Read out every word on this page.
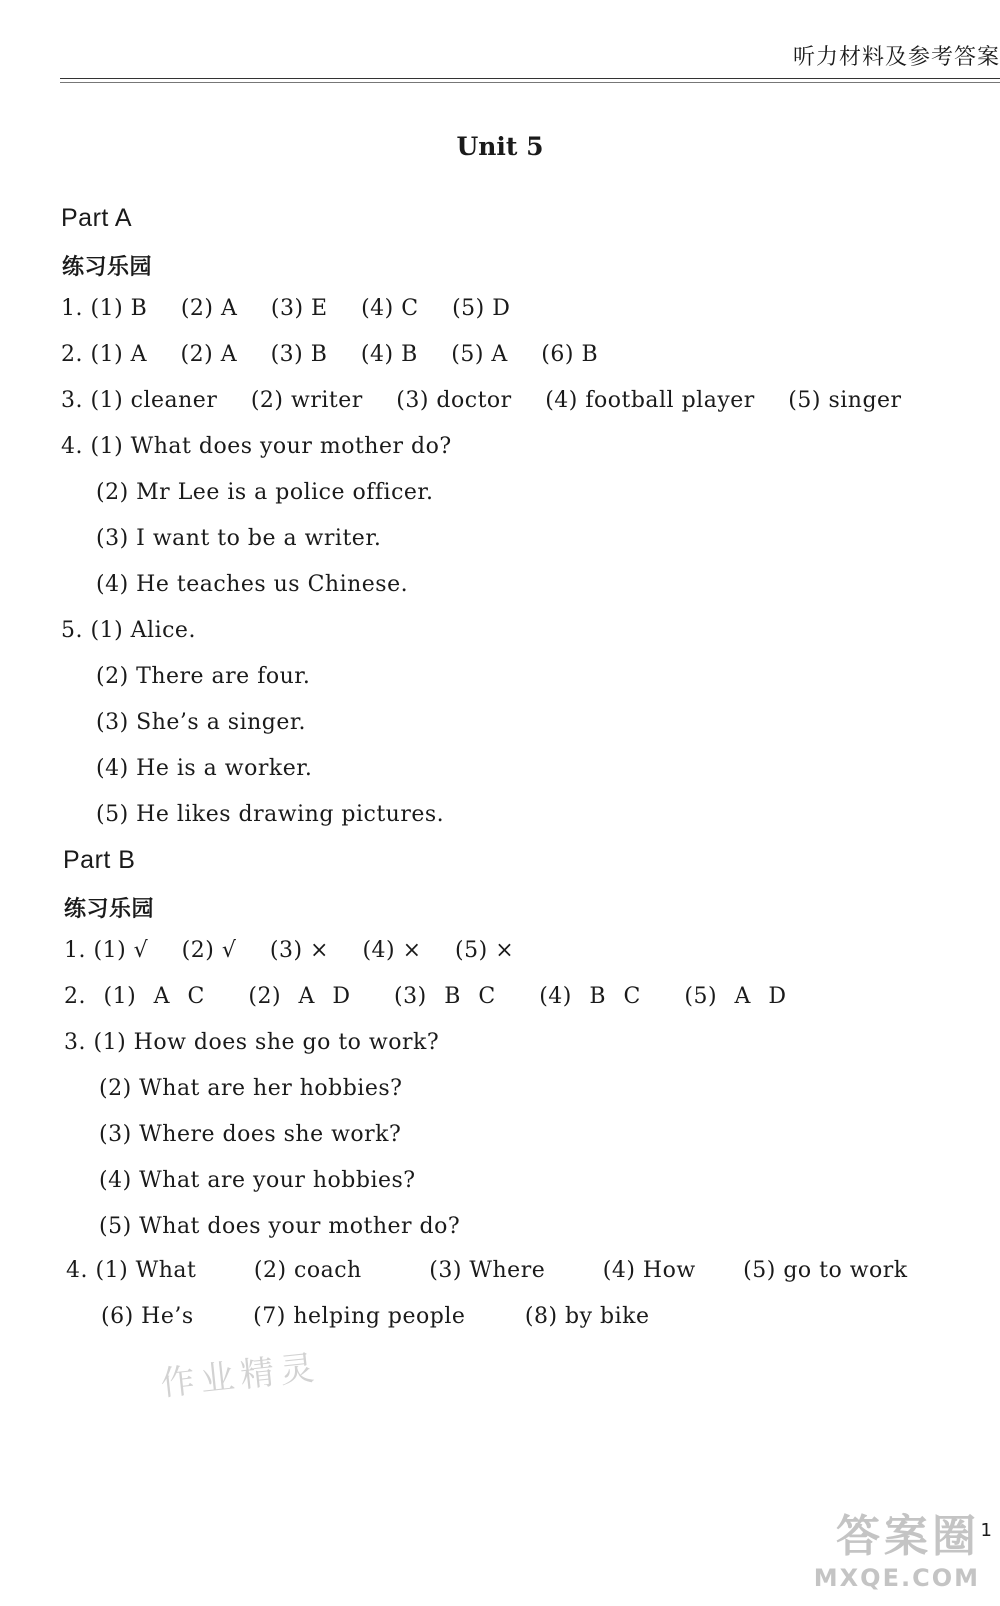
听力材料及参考答案
Unit 5
Part A
练习乐园
1. (1) B (2) A (3) E (4) C (5) D
2. (1) A (2) A (3) B (4) B (5) A (6) B
3. (1) cleaner (2) writer (3) doctor (4) football player (5) singer
4. (1) What does your mother do?
(2) Mr Lee is a police officer.
(3) I want to be a writer.
(4) He teaches us Chinese.
5. (1) Alice.
(2) There are four.
(3) She’s a singer.
(4) He is a worker.
(5) He likes drawing pictures.
Part B
练习乐园
1. (1) √ (2) √ (3) × (4) × (5) ×
2. (1) A C (2) A D (3) B C (4) B C (5) A D
3. (1) How does she go to work?
(2) What are her hobbies?
(3) Where does she work?
(4) What are your hobbies?
(5) What does your mother do?
4. (1) What	(2) coach	(3) Where	(4) How (5) go to work
(6) He’s	(7) helping people	(8) by bike
作业精灵
答案圈
MXQE.COM
1
